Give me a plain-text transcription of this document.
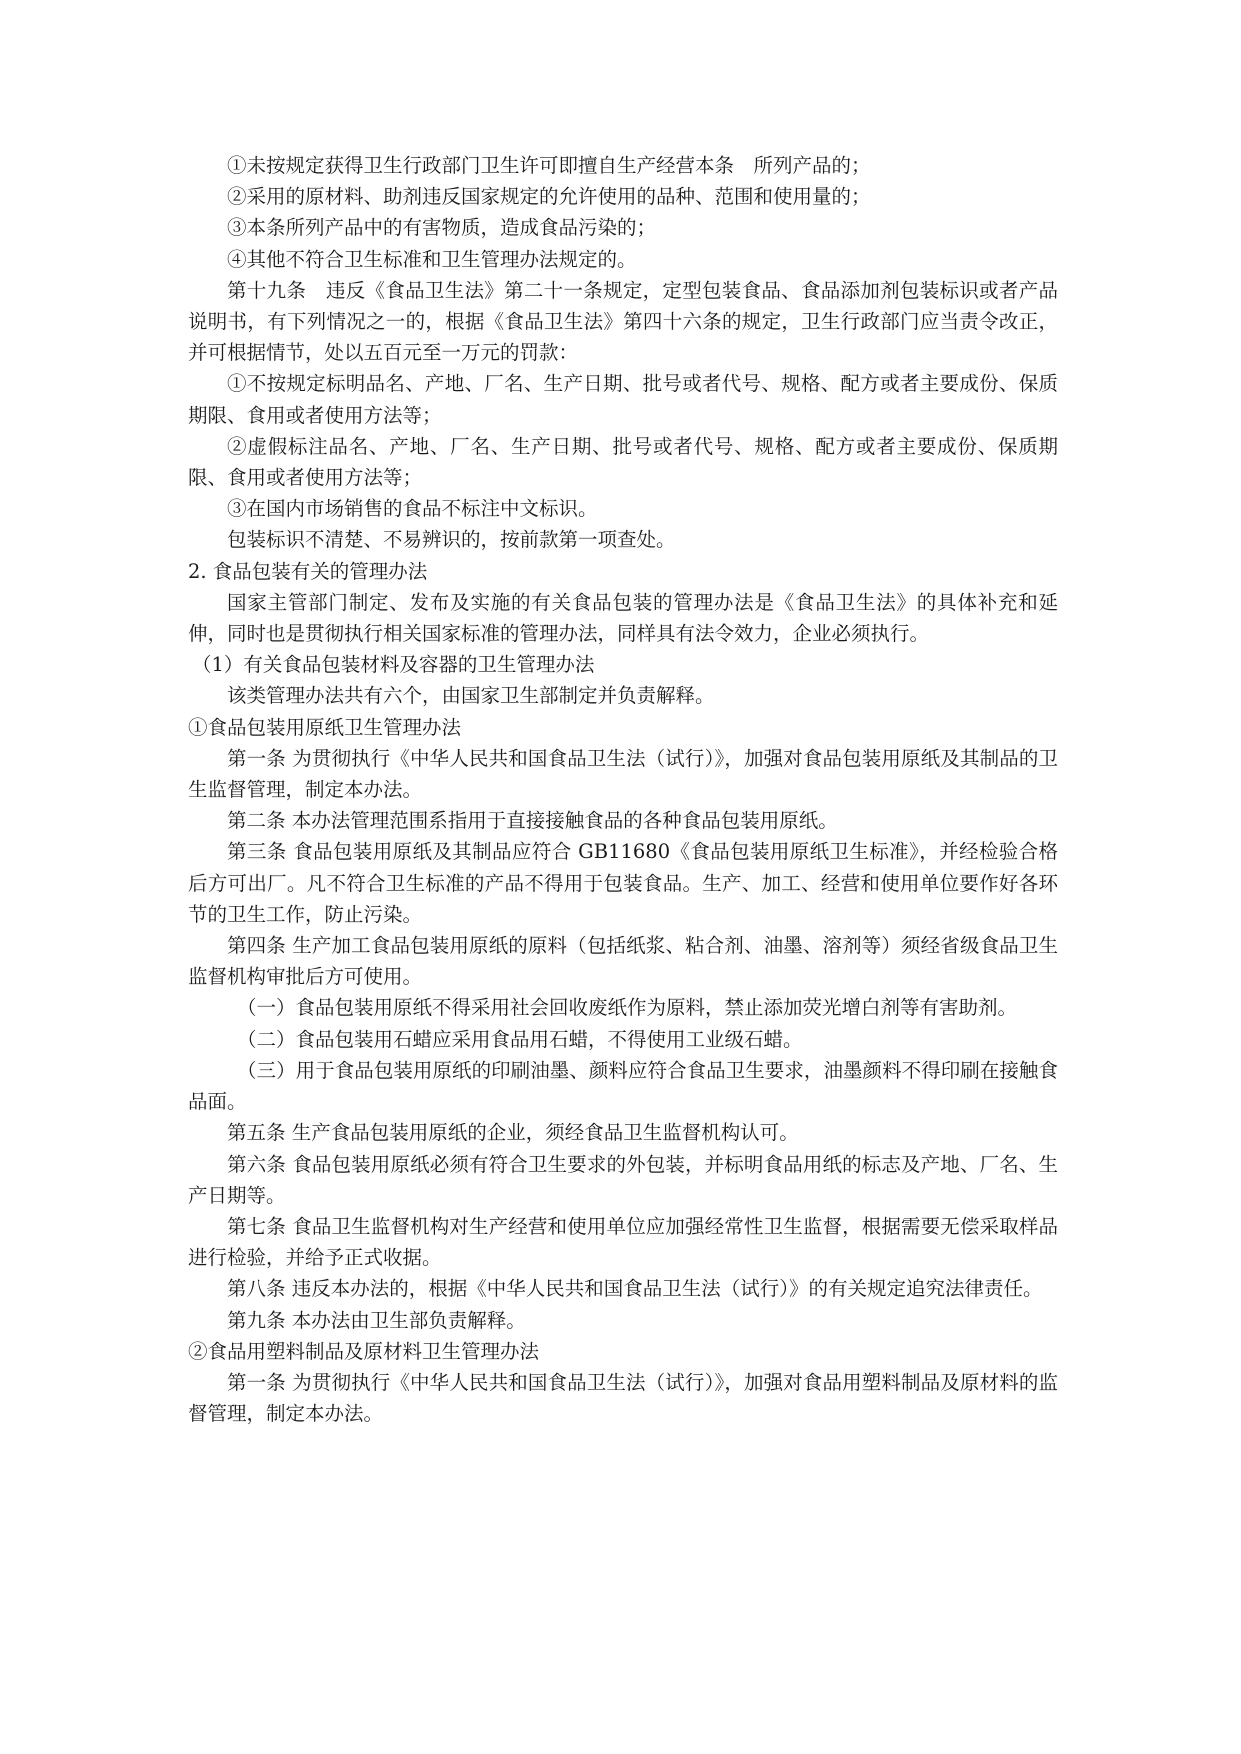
①未按规定获得卫生行政部门卫生许可即擅自生产经营本条　所列产品的；

②采用的原材料、助剂违反国家规定的允许使用的品种、范围和使用量的；

③本条所列产品中的有害物质，造成食品污染的；

④其他不符合卫生标准和卫生管理办法规定的。

第十九条　违反《食品卫生法》第二十一条规定，定型包装食品、食品添加剂包装标识或者产品说明书，有下列情况之一的，根据《食品卫生法》第四十六条的规定，卫生行政部门应当责令改正，并可根据情节，处以五百元至一万元的罚款：

①不按规定标明品名、产地、厂名、生产日期、批号或者代号、规格、配方或者主要成份、保质期限、食用或者使用方法等；

②虚假标注品名、产地、厂名、生产日期、批号或者代号、规格、配方或者主要成份、保质期限、食用或者使用方法等；

③在国内市场销售的食品不标注中文标识。

包装标识不清楚、不易辨识的，按前款第一项查处。

2. 食品包装有关的管理办法

国家主管部门制定、发布及实施的有关食品包装的管理办法是《食品卫生法》的具体补充和延伸，同时也是贯彻执行相关国家标准的管理办法，同样具有法令效力，企业必须执行。

（1）有关食品包装材料及容器的卫生管理办法

该类管理办法共有六个，由国家卫生部制定并负责解释。

①食品包装用原纸卫生管理办法

第一条 为贯彻执行《中华人民共和国食品卫生法（试行）》，加强对食品包装用原纸及其制品的卫生监督管理，制定本办法。

第二条 本办法管理范围系指用于直接接触食品的各种食品包装用原纸。

第三条 食品包装用原纸及其制品应符合 GB11680《食品包装用原纸卫生标准》，并经检验合格后方可出厂。凡不符合卫生标准的产品不得用于包装食品。生产、加工、经营和使用单位要作好各环节的卫生工作，防止污染。

第四条 生产加工食品包装用原纸的原料（包括纸浆、粘合剂、油墨、溶剂等）须经省级食品卫生监督机构审批后方可使用。

（一）食品包装用原纸不得采用社会回收废纸作为原料，禁止添加荧光增白剂等有害助剂。

（二）食品包装用石蜡应采用食品用石蜡，不得使用工业级石蜡。

（三）用于食品包装用原纸的印刷油墨、颜料应符合食品卫生要求，油墨颜料不得印刷在接触食品面。

第五条 生产食品包装用原纸的企业，须经食品卫生监督机构认可。

第六条 食品包装用原纸必须有符合卫生要求的外包装，并标明食品用纸的标志及产地、厂名、生产日期等。

第七条 食品卫生监督机构对生产经营和使用单位应加强经常性卫生监督，根据需要无偿采取样品进行检验，并给予正式收据。

第八条 违反本办法的，根据《中华人民共和国食品卫生法（试行）》的有关规定追究法律责任。

第九条 本办法由卫生部负责解释。

②食品用塑料制品及原材料卫生管理办法

第一条 为贯彻执行《中华人民共和国食品卫生法（试行）》，加强对食品用塑料制品及原材料的监督管理，制定本办法。
